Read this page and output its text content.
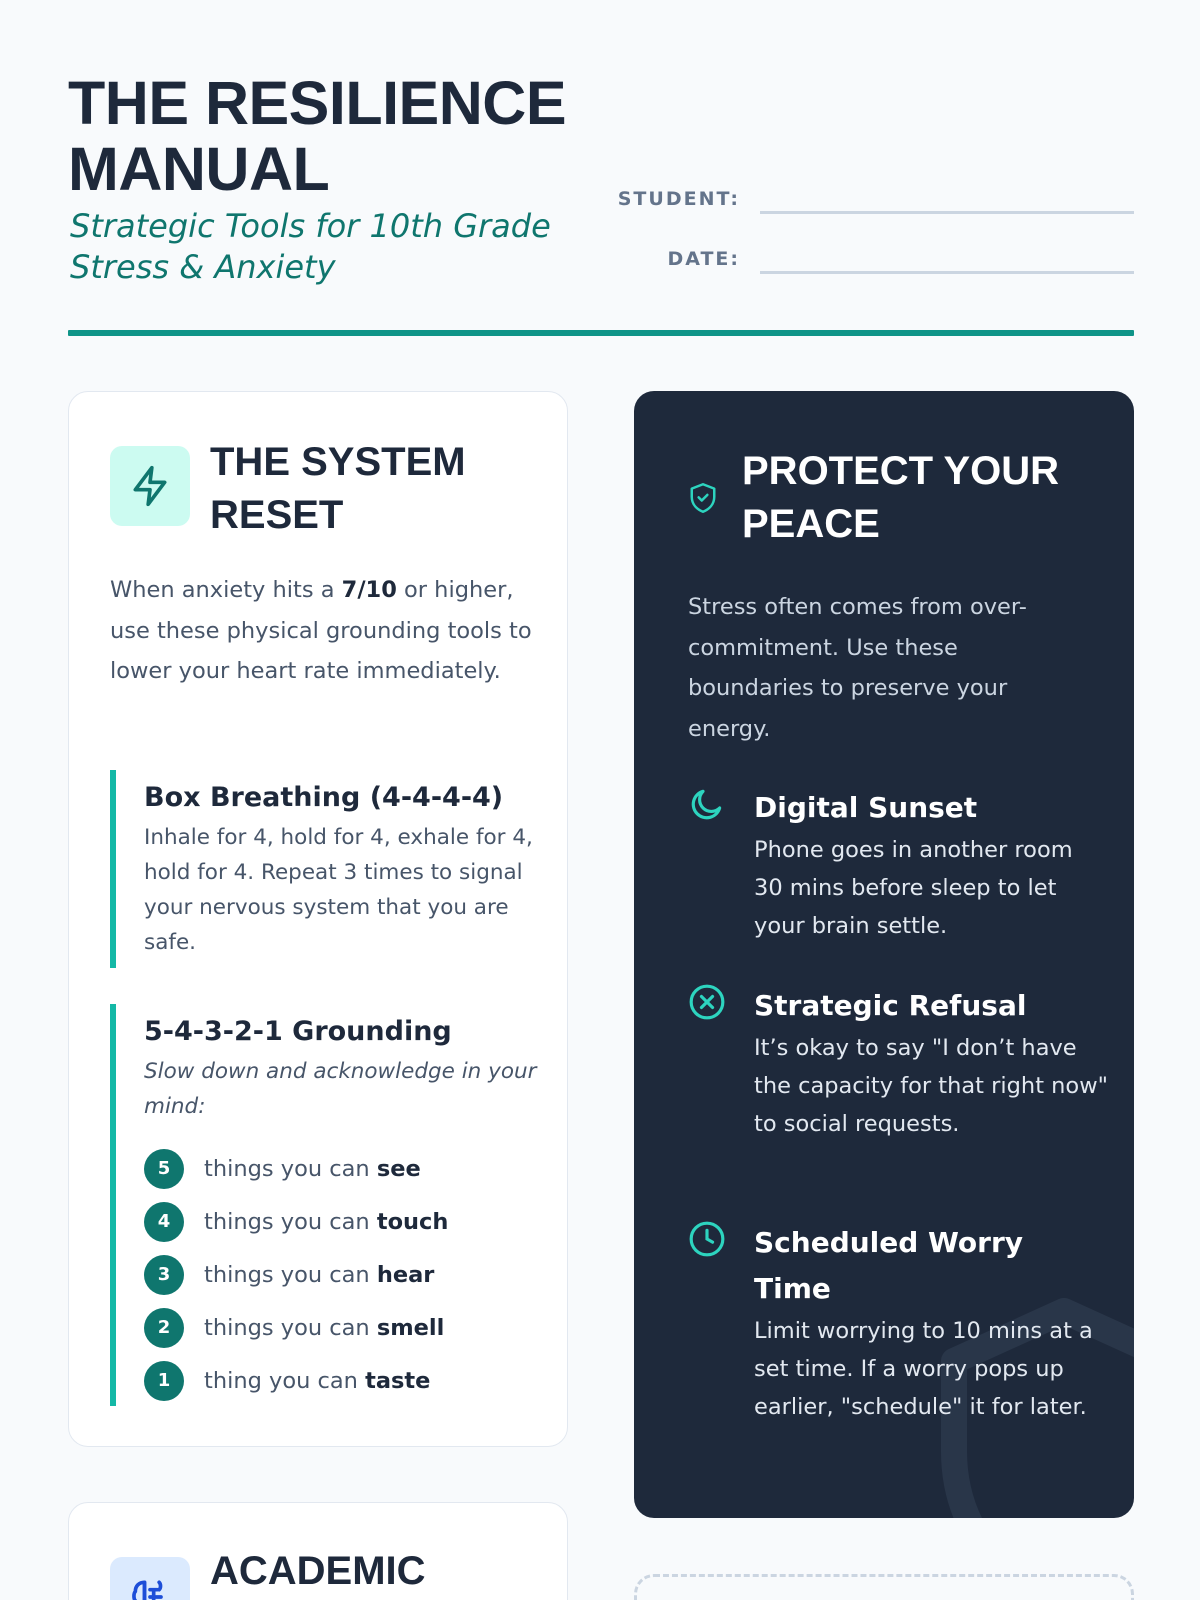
THE RESILIENCE MANUAL
Strategic Tools for 10th Grade Stress & Anxiety
STUDENT:
DATE:
THE SYSTEM RESET

When anxiety hits a 7/10 or higher, use these physical grounding tools to lower your heart rate immediately.

Box Breathing (4-4-4-4)
Inhale for 4, hold for 4, exhale for 4, hold for 4. Repeat 3 times to signal your nervous system that you are safe.
5-4-3-2-1 Grounding
Slow down and acknowledge in your mind:
5	things you can see
4	things you can touch
3	things you can hear
2	things you can smell
1	thing you can taste
PROTECT YOUR PEACE

Stress often comes from over-commitment. Use these boundaries to preserve your energy.

Digital Sunset
Phone goes in another room 30 mins before sleep to let your brain settle.
Strategic Refusal
It’s okay to say "I don’t have the capacity for that right now" to social requests.
Scheduled Worry Time
Limit worrying to 10 mins at a set time. If a worry pops up earlier, "schedule" it for later.
ACADEMIC
